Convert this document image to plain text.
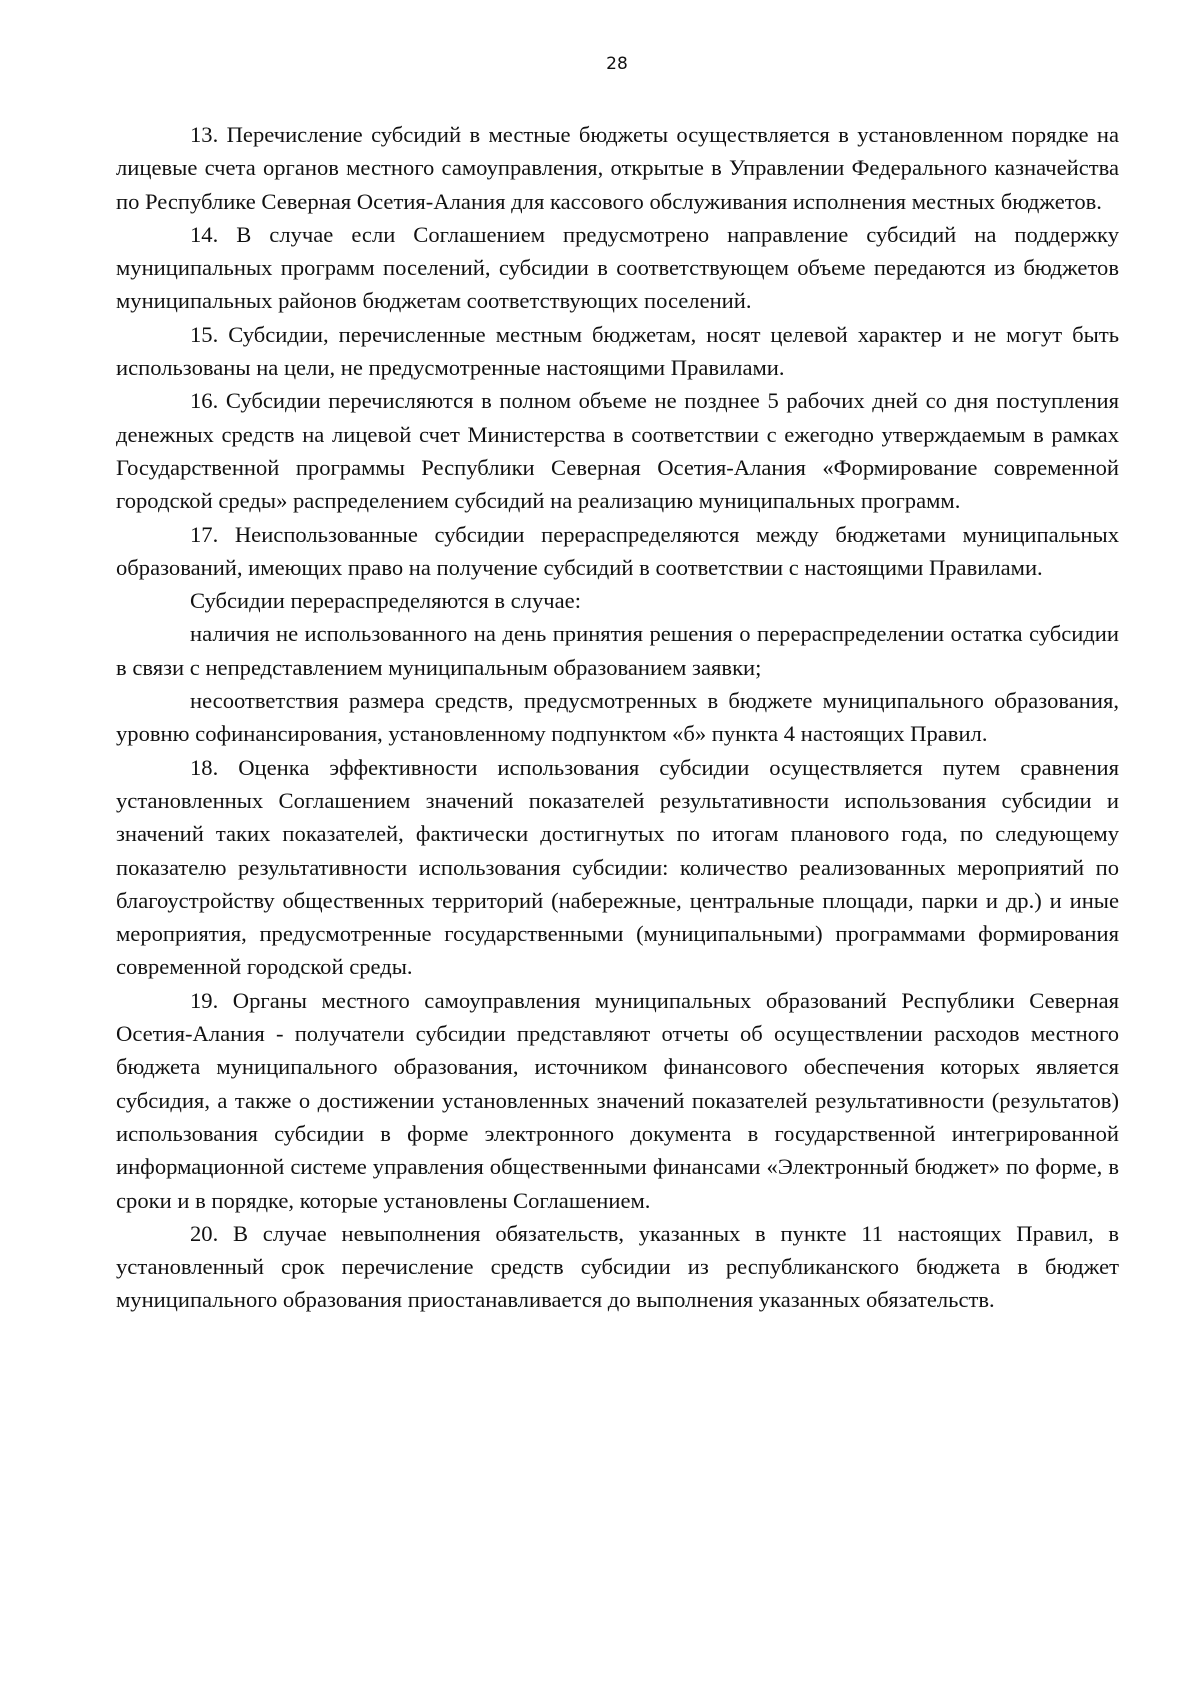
28

13. Перечисление субсидий в местные бюджеты осуществляется в установленном порядке на лицевые счета органов местного самоуправления, открытые в Управлении Федерального казначейства по Республике Северная Осетия-Алания для кассового обслуживания исполнения местных бюджетов.

14. В случае если Соглашением предусмотрено направление субсидий на поддержку муниципальных программ поселений, субсидии в соответствующем объеме передаются из бюджетов муниципальных районов бюджетам соответствующих поселений.

15. Субсидии, перечисленные местным бюджетам, носят целевой характер и не могут быть использованы на цели, не предусмотренные настоящими Правилами.

16. Субсидии перечисляются в полном объеме не позднее 5 рабочих дней со дня поступления денежных средств на лицевой счет Министерства в соответствии с ежегодно утверждаемым в рамках Государственной программы Республики Северная Осетия-Алания «Формирование современной городской среды» распределением субсидий на реализацию муниципальных программ.

17. Неиспользованные субсидии перераспределяются между бюджетами муниципальных образований, имеющих право на получение субсидий в соответствии с настоящими Правилами.

Субсидии перераспределяются в случае:

наличия не использованного на день принятия решения о перераспределении остатка субсидии в связи с непредставлением муниципальным образованием заявки;

несоответствия размера средств, предусмотренных в бюджете муниципального образования, уровню софинансирования, установленному подпунктом «б» пункта 4 настоящих Правил.

18. Оценка эффективности использования субсидии осуществляется путем сравнения установленных Соглашением значений показателей результативности использования субсидии и значений таких показателей, фактически достигнутых по итогам планового года, по следующему показателю результативности использования субсидии: количество реализованных мероприятий по благоустройству общественных территорий (набережные, центральные площади, парки и др.) и иные мероприятия, предусмотренные государственными (муниципальными) программами формирования современной городской среды.

19. Органы местного самоуправления муниципальных образований Республики Северная Осетия-Алания - получатели субсидии представляют отчеты об осуществлении расходов местного бюджета муниципального образования, источником финансового обеспечения которых является субсидия, а также о достижении установленных значений показателей результативности (результатов) использования субсидии в форме электронного документа в государственной интегрированной информационной системе управления общественными финансами «Электронный бюджет» по форме, в сроки и в порядке, которые установлены Соглашением.

20. В случае невыполнения обязательств, указанных в пункте 11 настоящих Правил, в установленный срок перечисление средств субсидии из республиканского бюджета в бюджет муниципального образования приостанавливается до выполнения указанных обязательств.
